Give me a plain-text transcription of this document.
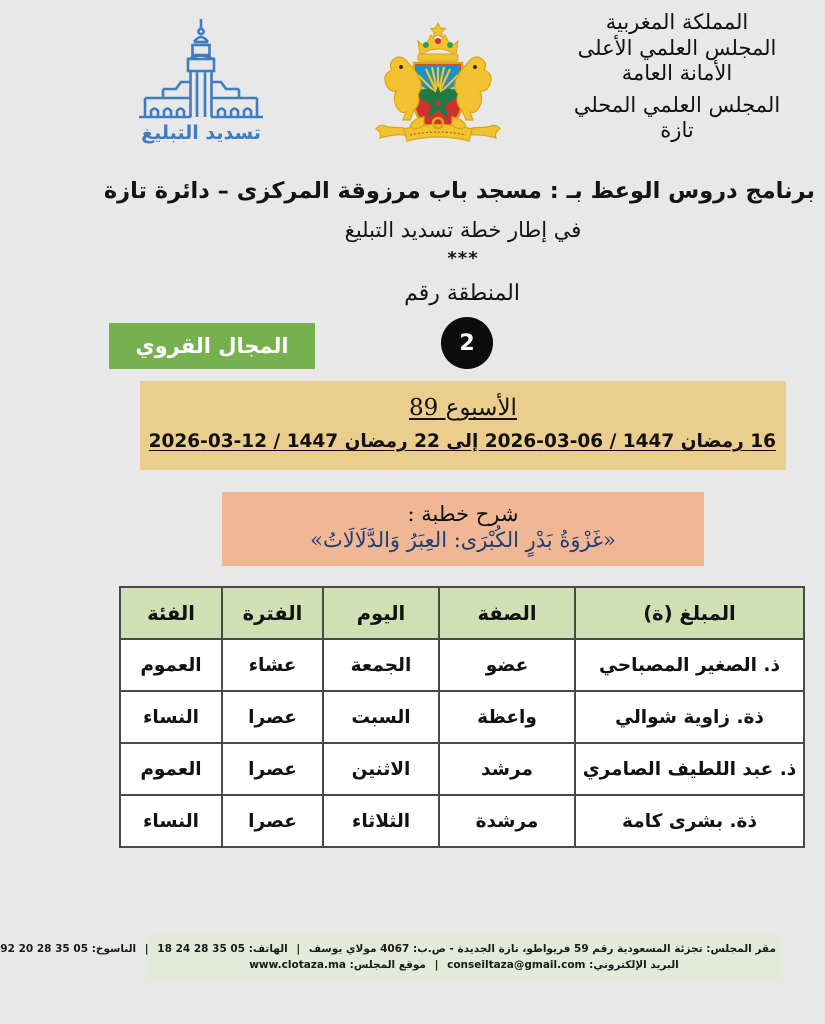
تسديد التبليغ
المملكة المغربية
المجلس العلمي الأعلى
الأمانة العامة
المجلس العلمي المحلي
تازة
برنامج دروس الوعظ بـ : مسجد باب مرزوقة المركزى – دائرة تازة
في إطار خطة تسديد التبليغ
***
المنطقة رقم
2
المجال القروي
الأسبوع 89
16 رمضان 1447 / 06-03-2026 إلى 22 رمضان 1447 / 12-03-2026
شرح خطبة :
«غَزْوَةُ بَدْرٍ الكُبْرَى: العِبَرُ وَالدَّلَالَاتُ»
المبلغ (ة)	الصفة	اليوم	الفترة	الفئة
ذ. الصغير المصباحي	عضو	الجمعة	عشاء	العموم
ذة. زاوية شوالي	واعظة	السبت	عصرا	النساء
ذ. عبد اللطيف الصامري	مرشد	الاثنين	عصرا	العموم
ذة. بشرى كامة	مرشدة	الثلاثاء	عصرا	النساء
مقر المجلس: تجزئة المسعودية رقم 59 فريواطو، تازة الجديدة - ص.ب: 4067 مولاي يوسف | الهاتف: 05 35 28 24 18 | الناسوخ: 05 35 28 20 92
البريد الإلكتروني: conseiltaza@gmail.com | موقع المجلس: www.clotaza.ma
